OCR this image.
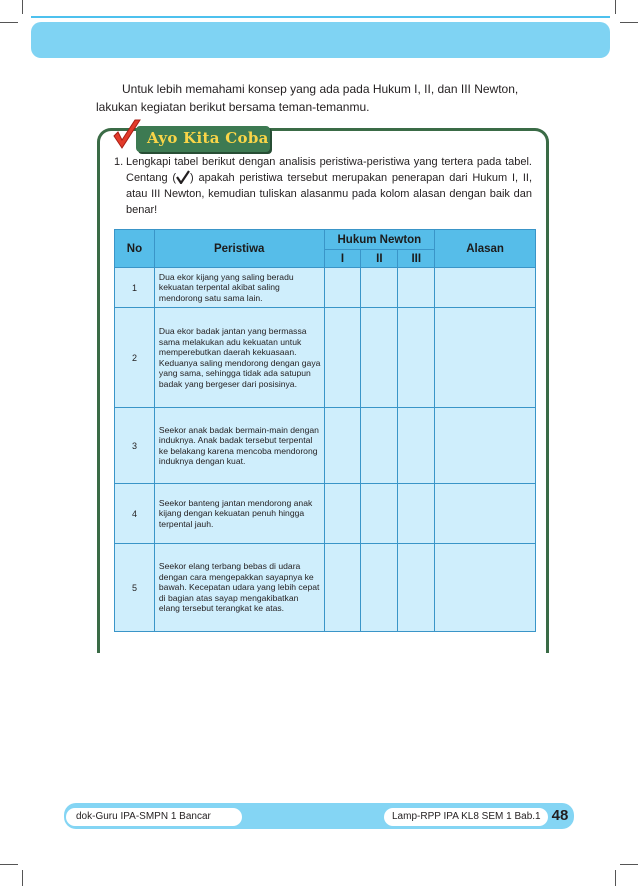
Untuk lebih memahami konsep yang ada pada Hukum I, II, dan III Newton,
lakukan kegiatan berikut bersama teman-temanmu.
Ayo Kita Coba
1. Lengkapi tabel berikut dengan analisis peristiwa-peristiwa yang tertera pada tabel. Centang ( ) apakah peristiwa tersebut merupakan penerapan dari Hukum I, II, atau III Newton, kemudian tuliskan alasanmu pada kolom alasan dengan baik dan benar!
No	Peristiwa	Hukum Newton			Alasan
		I	II	III	
1	Dua ekor kijang yang saling beradu kekuatan terpental akibat saling mendorong satu sama lain.				
2	Dua ekor badak jantan yang bermassa sama melakukan adu kekuatan untuk memperebutkan daerah kekuasaan. Keduanya saling mendorong dengan gaya yang sama, sehingga tidak ada satupun badak yang bergeser dari posisinya.				
3	Seekor anak badak bermain-main dengan induknya. Anak badak tersebut terpental ke belakang karena mencoba mendorong induknya dengan kuat.				
4	Seekor banteng jantan mendorong anak kijang dengan kekuatan penuh hingga terpental jauh.				
5	Seekor elang terbang bebas di udara dengan cara mengepakkan sayapnya ke bawah. Kecepatan udara yang lebih cepat di bagian atas sayap mengakibatkan elang tersebut terangkat ke atas.				
dok-Guru IPA-SMPN 1 Bancar	Lamp-RPP IPA KL8 SEM 1 Bab.1 48
